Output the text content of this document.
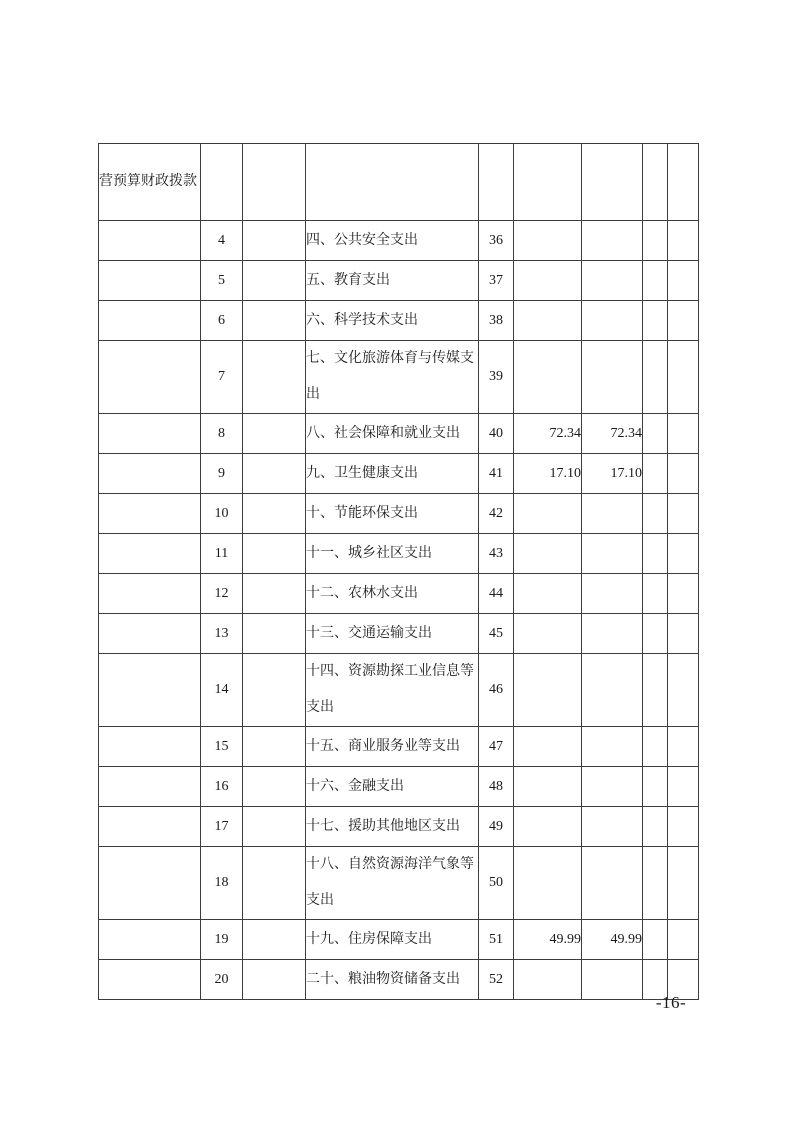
营预算财政拨款								
	4		四、公共安全支出	36				
	5		五、教育支出	37				
	6		六、科学技术支出	38				
	7		七、文化旅游体育与传媒支出	39				
	8		八、社会保障和就业支出	40	72.34	72.34		
	9		九、卫生健康支出	41	17.10	17.10		
	10		十、节能环保支出	42				
	11		十一、城乡社区支出	43				
	12		十二、农林水支出	44				
	13		十三、交通运输支出	45				
	14		十四、资源勘探工业信息等支出	46				
	15		十五、商业服务业等支出	47				
	16		十六、金融支出	48				
	17		十七、援助其他地区支出	49				
	18		十八、自然资源海洋气象等支出	50				
	19		十九、住房保障支出	51	49.99	49.99		
	20		二十、粮油物资储备支出	52				
-16-
